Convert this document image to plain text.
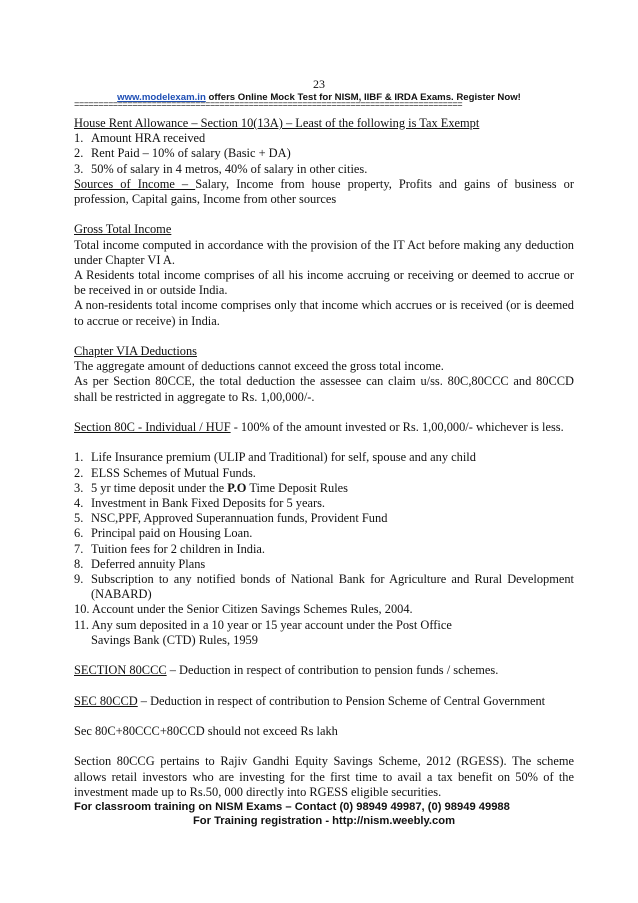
23
www.modelexam.in offers Online Mock Test for NISM, IIBF & IRDA Exams. Register Now!
================================================================================
House Rent Allowance – Section 10(13A) – Least of the following is Tax Exempt
1. Amount HRA received
2. Rent Paid – 10% of salary (Basic + DA)
3. 50% of salary in 4 metros, 40% of salary in other cities.
Sources of Income – Salary, Income from house property, Profits and gains of business or profession, Capital gains, Income from other sources
Gross Total Income
Total income computed in accordance with the provision of the IT Act before making any deduction under Chapter VI A.
A Residents total income comprises of all his income accruing or receiving or deemed to accrue or be received in or outside India.
A non-residents total income comprises only that income which accrues or is received (or is deemed to accrue or receive) in India.
Chapter VIA Deductions
The aggregate amount of deductions cannot exceed the gross total income.
As per Section 80CCE, the total deduction the assessee can claim u/ss. 80C,80CCC and 80CCD shall be restricted in aggregate to Rs. 1,00,000/-.
Section 80C - Individual / HUF - 100% of the amount invested or Rs. 1,00,000/- whichever is less.
1. Life Insurance premium (ULIP and Traditional) for self, spouse and any child
2. ELSS Schemes of Mutual Funds.
3. 5 yr time deposit under the P.O Time Deposit Rules
4. Investment in Bank Fixed Deposits for 5 years.
5. NSC,PPF, Approved Superannuation funds, Provident Fund
6. Principal paid on Housing Loan.
7. Tuition fees for 2 children in India.
8. Deferred annuity Plans
9. Subscription to any notified bonds of National Bank for Agriculture and Rural Development (NABARD)
10. Account under the Senior Citizen Savings Schemes Rules, 2004.
11. Any sum deposited in a 10 year or 15 year account under the Post Office
Savings Bank (CTD) Rules, 1959
SECTION 80CCC – Deduction in respect of contribution to pension funds / schemes.
SEC 80CCD – Deduction in respect of contribution to Pension Scheme of Central Government
Sec 80C+80CCC+80CCD should not exceed Rs lakh
Section 80CCG pertains to Rajiv Gandhi Equity Savings Scheme, 2012 (RGESS). The scheme allows retail investors who are investing for the first time to avail a tax benefit on 50% of the investment made up to Rs.50, 000 directly into RGESS eligible securities.
For classroom training on NISM Exams – Contact (0) 98949 49987, (0) 98949 49988
For Training registration - http://nism.weebly.com
